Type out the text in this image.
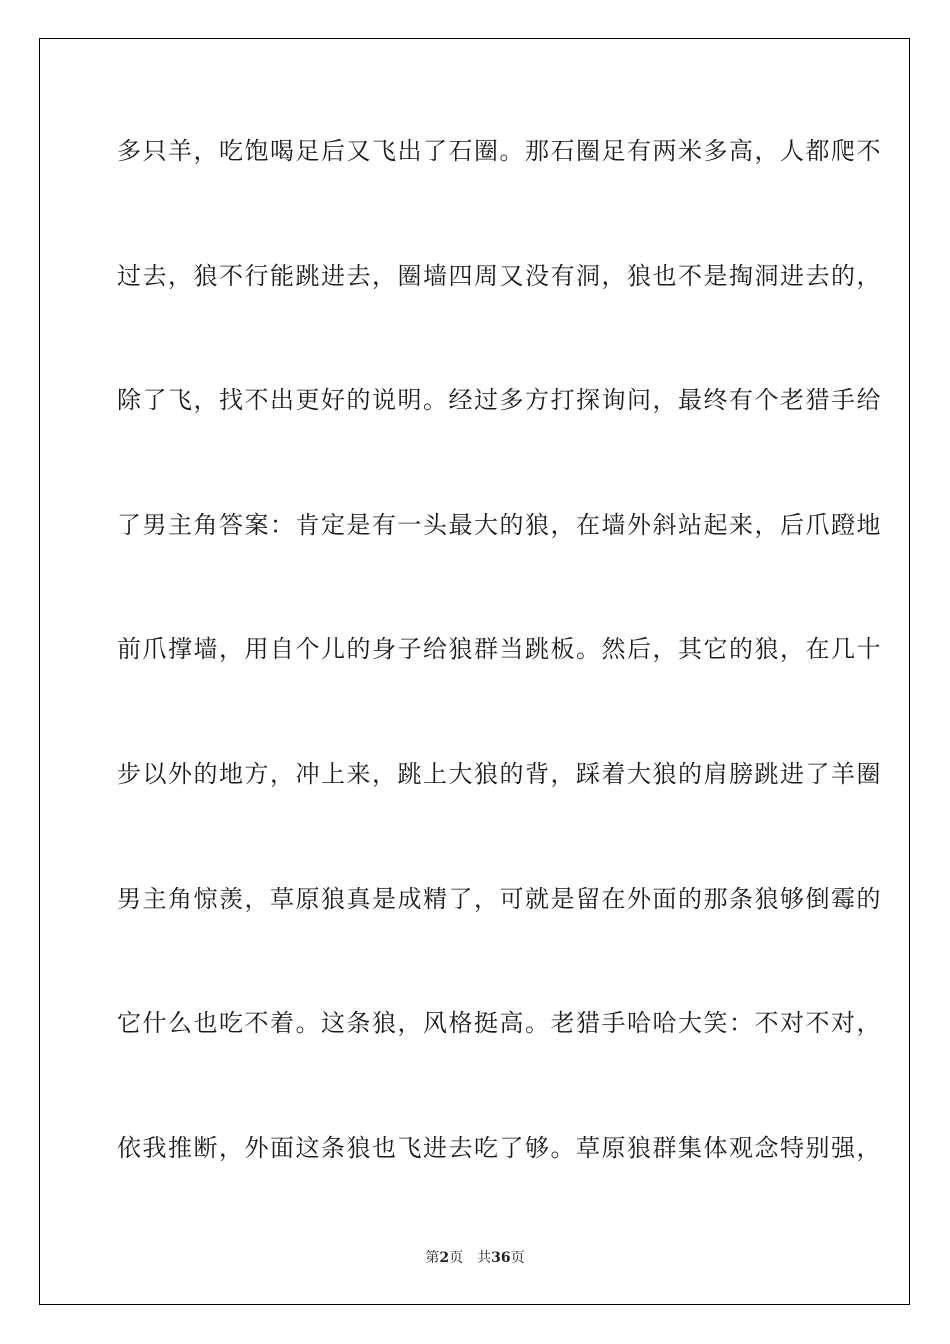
多只羊，吃饱喝足后又飞出了石圈。那石圈足有两米多高，人都爬不
过去，狼不行能跳进去，圈墙四周又没有洞，狼也不是掏洞进去的，
除了飞，找不出更好的说明。经过多方打探询问，最终有个老猎手给
了男主角答案：肯定是有一头最大的狼，在墙外斜站起来，后爪蹬地
前爪撑墙，用自个儿的身子给狼群当跳板。然后，其它的狼，在几十
步以外的地方，冲上来，跳上大狼的背，踩着大狼的肩膀跳进了羊圈
男主角惊羡，草原狼真是成精了，可就是留在外面的那条狼够倒霉的
它什么也吃不着。这条狼，风格挺高。老猎手哈哈大笑：不对不对，
依我推断，外面这条狼也飞进去吃了够。草原狼群集体观念特别强，
第2页 共36页
